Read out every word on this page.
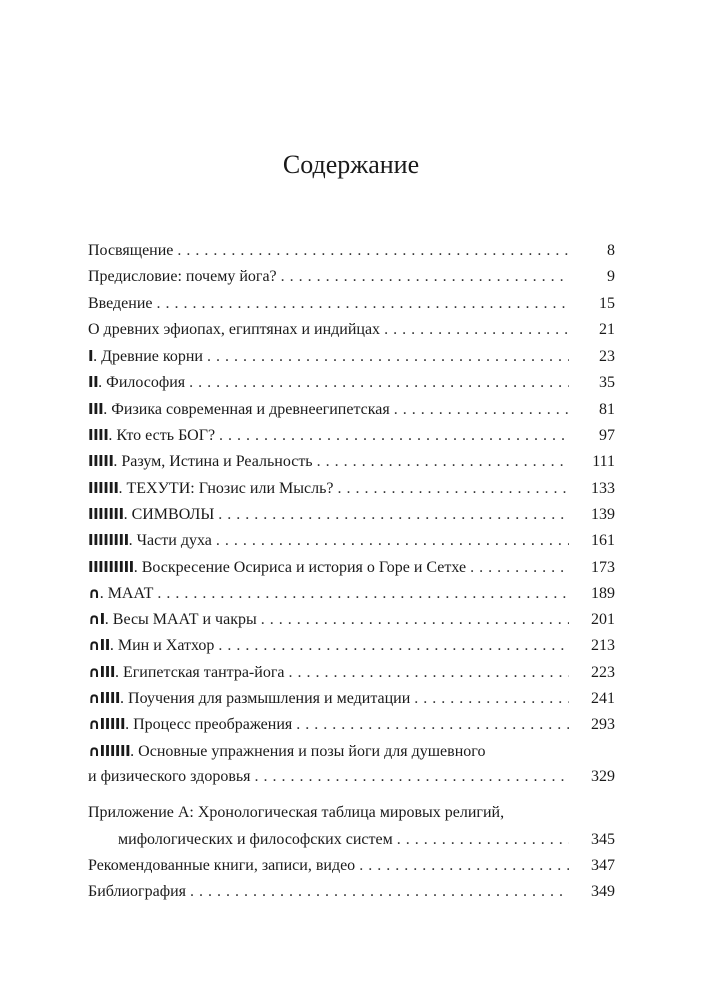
Содержание
Посвящение . . .	8
Предисловие: почему йога? . . .	9
Введение . . .	15
О древних эфиопах, египтянах и индийцах . . .	21
I. Древние корни . . .	23
II. Философия . . .	35
III. Физика современная и древнеегипетская . . .	81
IIII. Кто есть БОГ? . . .	97
IIIII. Разум, Истина и Реальность . . .	111
IIIIII. ТЕХУТИ: Гнозис или Мысль? . . .	133
IIIIIII. СИМВОЛЫ . . .	139
IIIIIIII. Части духа . . .	161
IIIIIIIII. Воскресение Осириса и история о Горе и Сетхе . . .	173
∩. МААТ . . .	189
∩I. Весы МААТ и чакры . . .	201
∩II. Мин и Хатхор . . .	213
∩III. Египетская тантра-йога . . .	223
∩IIII. Поучения для размышления и медитации . . .	241
∩IIIII. Процесс преображения . . .	293
∩IIIIII. Основные упражнения и позы йоги для душевного
и физического здоровья . . .	329
Приложение А: Хронологическая таблица мировых религий,
мифологических и философских систем . . .	345
Рекомендованные книги, записи, видео . . .	347
Библиография . . .	349
